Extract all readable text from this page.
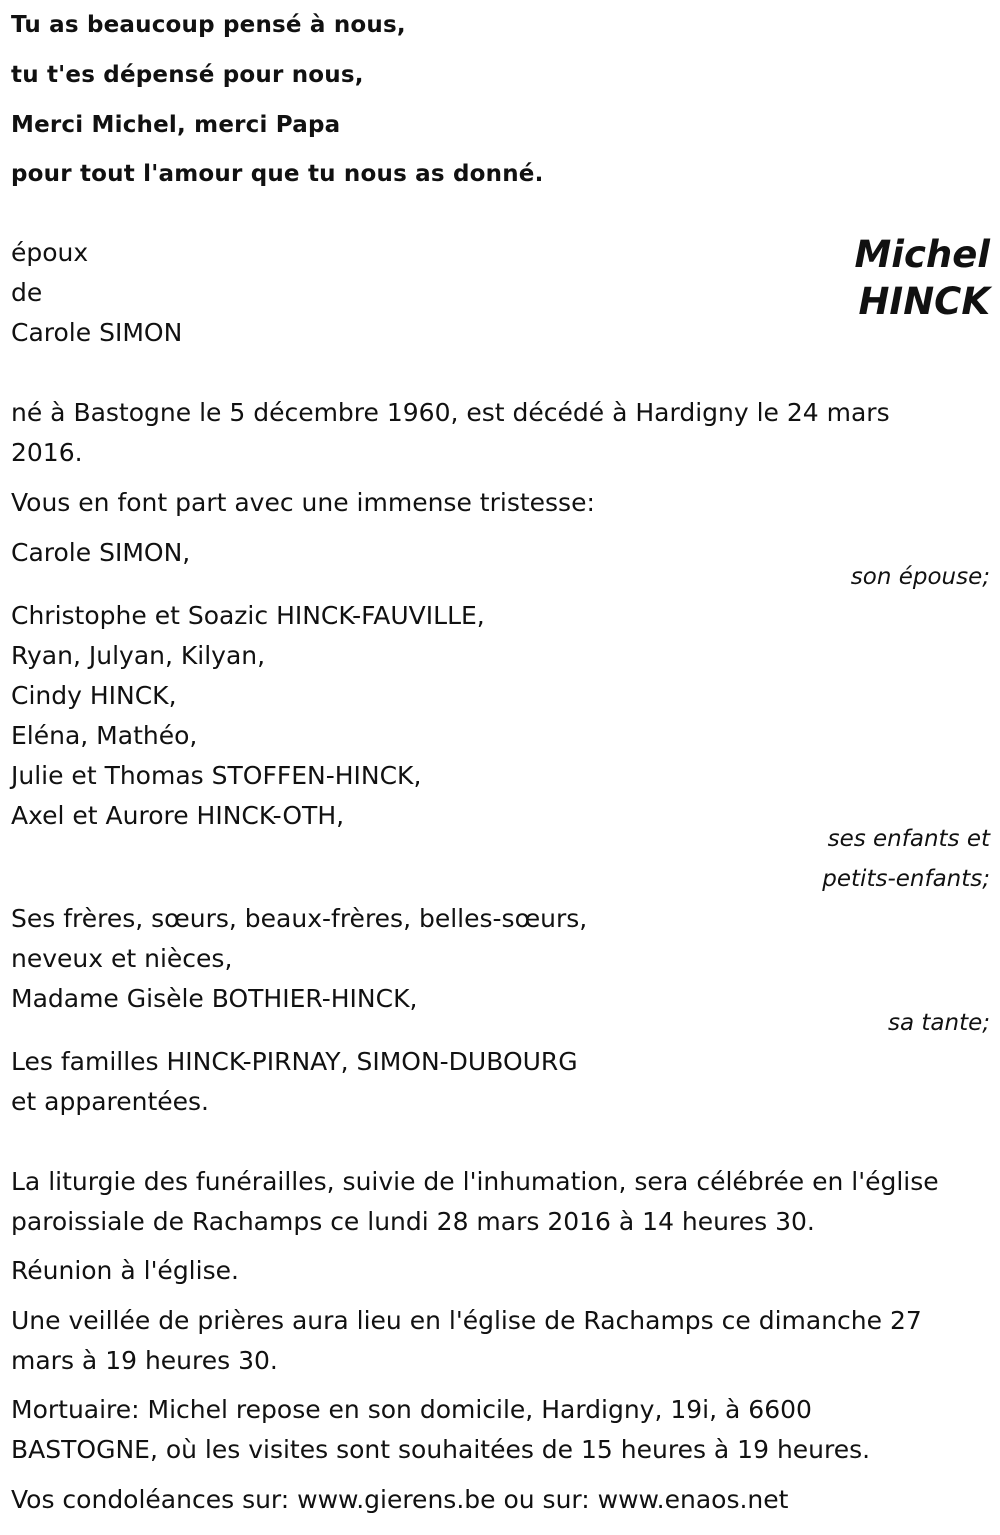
Tu as beaucoup pensé à nous,
tu t'es dépensé pour nous,
Merci Michel, merci Papa
pour tout l'amour que tu nous as donné.
époux
de
Carole SIMON
Michel
HINCK
né à Bastogne le 5 décembre 1960, est décédé à Hardigny le 24 mars
2016.
Vous en font part avec une immense tristesse:
Carole SIMON,
son épouse;
Christophe et Soazic HINCK-FAUVILLE,
Ryan, Julyan, Kilyan,
Cindy HINCK,
Eléna, Mathéo,
Julie et Thomas STOFFEN-HINCK,
Axel et Aurore HINCK-OTH,
ses enfants et
petits-enfants;
Ses frères, sœurs, beaux-frères, belles-sœurs,
neveux et nièces,
Madame Gisèle BOTHIER-HINCK,
sa tante;
Les familles HINCK-PIRNAY, SIMON-DUBOURG
et apparentées.
La liturgie des funérailles, suivie de l'inhumation, sera célébrée en l'église
paroissiale de Rachamps ce lundi 28 mars 2016 à 14 heures 30.
Réunion à l'église.
Une veillée de prières aura lieu en l'église de Rachamps ce dimanche 27
mars à 19 heures 30.
Mortuaire: Michel repose en son domicile, Hardigny, 19i, à 6600
BASTOGNE, où les visites sont souhaitées de 15 heures à 19 heures.
Vos condoléances sur: www.gierens.be ou sur: www.enaos.net
